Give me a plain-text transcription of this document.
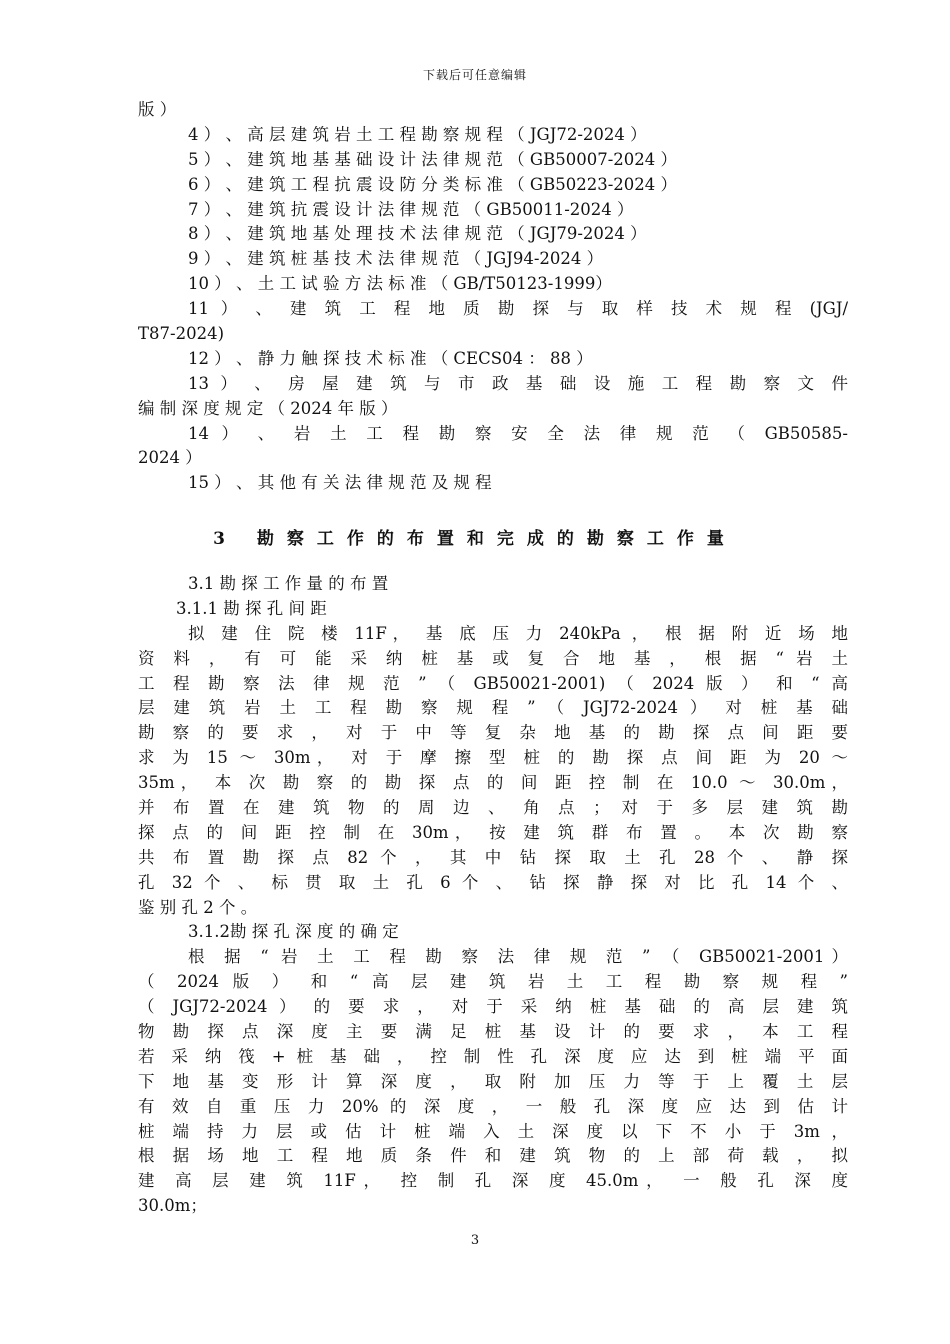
下载后可任意编辑
版 ）
4 ） 、 高 层 建 筑 岩 土 工 程 勘 察 规 程 （ JGJ72-2024 ）
5 ） 、 建 筑 地 基 基 础 设 计 法 律 规 范 （ GB50007-2024 ）
6 ） 、 建 筑 工 程 抗 震 设 防 分 类 标 准 （ GB50223-2024 ）
7 ） 、 建 筑 抗 震 设 计 法 律 规 范 （ GB50011-2024 ）
8 ） 、 建 筑 地 基 处 理 技 术 法 律 规 范 （ JGJ79-2024 ）
9 ） 、 建 筑 桩 基 技 术 法 律 规 范 （ JGJ94-2024 ）
10 ） 、 土 工 试 验 方 法 标 准 （ GB/T50123-1999）
11 ） 、 建 筑 工 程 地 质 勘 探 与 取 样 技 术 规 程 (JGJ/
T87-2024)
12 ） 、 静 力 触 探 技 术 标 准 （ CECS04 ： 88 ）
13 ） 、 房 屋 建 筑 与 市 政 基 础 设 施 工 程 勘 察 文 件
编 制 深 度 规 定 （ 2024 年 版 ）
14 ） 、 岩 土 工 程 勘 察 安 全 法 律 规 范 （ GB50585-
2024 ）
15 ） 、 其 他 有 关 法 律 规 范 及 规 程
3 勘察工作的布置和完成的勘察工作量
3.1 勘 探 工 作 量 的 布 置
3.1.1 勘 探 孔 间 距
拟 建 住 院 楼 11F， 基 底 压 力 240kPa ， 根 据 附 近 场 地
资 料 ， 有 可 能 采 纳 桩 基 或 复 合 地 基 ， 根 据 “ 岩 土
工 程 勘 察 法 律 规 范 ” （ GB50021-2001) （ 2024 版 ） 和 “ 高
层 建 筑 岩 土 工 程 勘 察 规 程 ” （ JGJ72-2024 ） 对 桩 基 础
勘 察 的 要 求 ， 对 于 中 等 复 杂 地 基 的 勘 探 点 间 距 要
求 为 15 ～ 30m， 对 于 摩 擦 型 桩 的 勘 探 点 间 距 为 20 ～
35m， 本 次 勘 察 的 勘 探 点 的 间 距 控 制 在 10.0 ～ 30.0m，
并 布 置 在 建 筑 物 的 周 边 、 角 点 ； 对 于 多 层 建 筑 勘
探 点 的 间 距 控 制 在 30m， 按 建 筑 群 布 置 。 本 次 勘 察
共 布 置 勘 探 点 82 个 ， 其 中 钻 探 取 土 孔 28 个 、 静 探
孔 32 个 、 标 贯 取 土 孔 6 个 、 钻 探 静 探 对 比 孔 14 个 、
鉴 别 孔 2 个 。
3.1.2勘 探 孔 深 度 的 确 定
根 据 “ 岩 土 工 程 勘 察 法 律 规 范 ” （ GB50021-2001）
（ 2024 版 ） 和 “ 高 层 建 筑 岩 土 工 程 勘 察 规 程 ”
（ JGJ72-2024 ） 的 要 求 ， 对 于 采 纳 桩 基 础 的 高 层 建 筑
物 勘 探 点 深 度 主 要 满 足 桩 基 设 计 的 要 求 ， 本 工 程
若 采 纳 筏 + 桩 基 础 ， 控 制 性 孔 深 度 应 达 到 桩 端 平 面
下 地 基 变 形 计 算 深 度 ， 取 附 加 压 力 等 于 上 覆 土 层
有 效 自 重 压 力 20% 的 深 度 ， 一 般 孔 深 度 应 达 到 估 计
桩 端 持 力 层 或 估 计 桩 端 入 土 深 度 以 下 不 小 于 3m ，
根 据 场 地 工 程 地 质 条 件 和 建 筑 物 的 上 部 荷 载 ， 拟
建 高 层 建 筑 11F， 控 制 孔 深 度 45.0m， 一 般 孔 深 度
30.0m；
3
